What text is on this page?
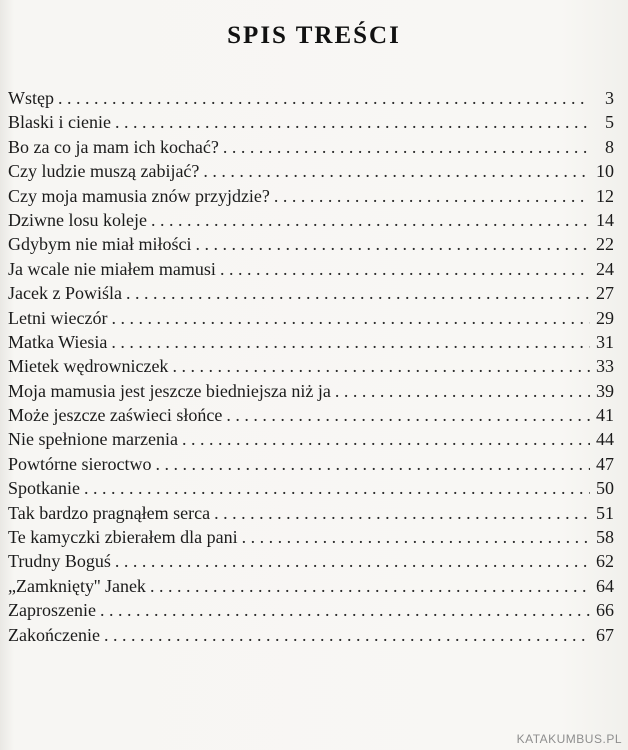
SPIS TREŚCI
Wstęp . . .	3
Blaski i cienie . . .	5
Bo za co ja mam ich kochać? . . .	8
Czy ludzie muszą zabijać? . . .	10
Czy moja mamusia znów przyjdzie? . . .	12
Dziwne losu koleje . . .	14
Gdybym nie miał miłości . . .	22
Ja wcale nie miałem mamusi . . .	24
Jacek z Powiśla . . .	27
Letni wieczór . . .	29
Matka Wiesia . . .	31
Mietek wędrowniczek . . .	33
Moja mamusia jest jeszcze biedniejsza niż ja . . .	39
Może jeszcze zaświeci słońce . . .	41
Nie spełnione marzenia . . .	44
Powtórne sieroctwo . . .	47
Spotkanie . . .	50
Tak bardzo pragnąłem serca . . .	51
Te kamyczki zbierałem dla pani . . .	58
Trudny Boguś . . .	62
„Zamknięty'' Janek . . .	64
Zaproszenie . . .	66
Zakończenie . . .	67
KATAKUMBUS.PL
